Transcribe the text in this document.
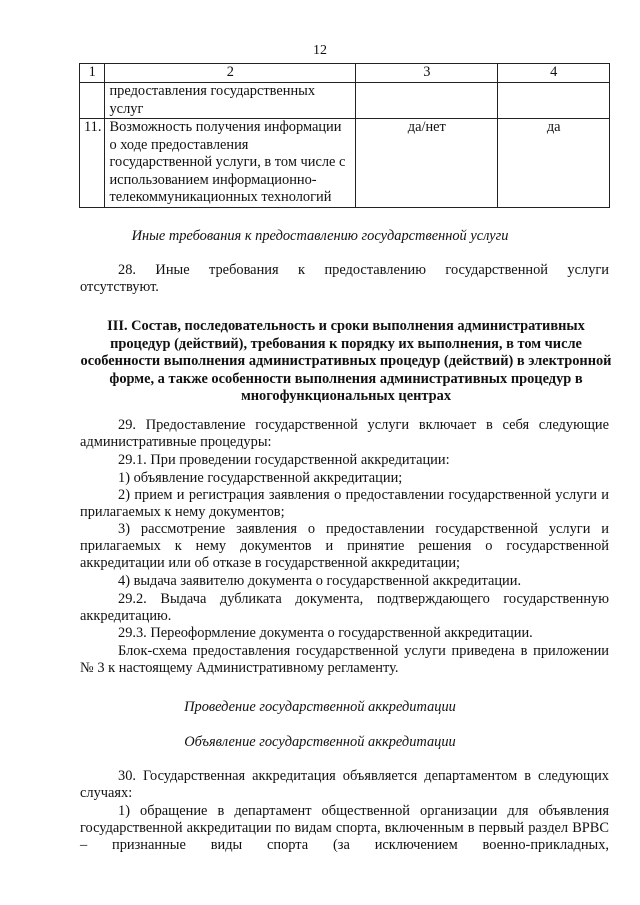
12
1	2	3	4
	предоставления государственных услуг		
11.	Возможность получения информации о ходе предоставления государственной услуги, в том числе с использованием информационно-телекоммуникационных технологий	да/нет	да
Иные требования к предоставлению государственной услуги
28. Иные требования к предоставлению государственной услуги
отсутствуют.
III. Состав, последовательность и сроки выполнения административных процедур (действий), требования к порядку их выполнения, в том числе особенности выполнения административных процедур (действий) в электронной форме, а также особенности выполнения административных процедур в многофункциональных центрах
29. Предоставление государственной услуги включает в себя следующие административные процедуры:
29.1. При проведении государственной аккредитации:
1) объявление государственной аккредитации;
2) прием и регистрация заявления о предоставлении государственной услуги и прилагаемых к нему документов;
3) рассмотрение заявления о предоставлении государственной услуги и прилагаемых к нему документов и принятие решения о государственной аккредитации или об отказе в государственной аккредитации;
4) выдача заявителю документа о государственной аккредитации.
29.2. Выдача дубликата документа, подтверждающего государственную аккредитацию.
29.3. Переоформление документа о государственной аккредитации.
Блок-схема предоставления государственной услуги приведена в приложении № 3 к настоящему Административному регламенту.
Проведение государственной аккредитации
Объявление государственной аккредитации
30. Государственная аккредитация объявляется департаментом в следующих случаях:
1) обращение в департамент общественной организации для объявления государственной аккредитации по видам спорта, включенным в первый раздел ВРВС – признанные виды спорта (за исключением военно-прикладных,
